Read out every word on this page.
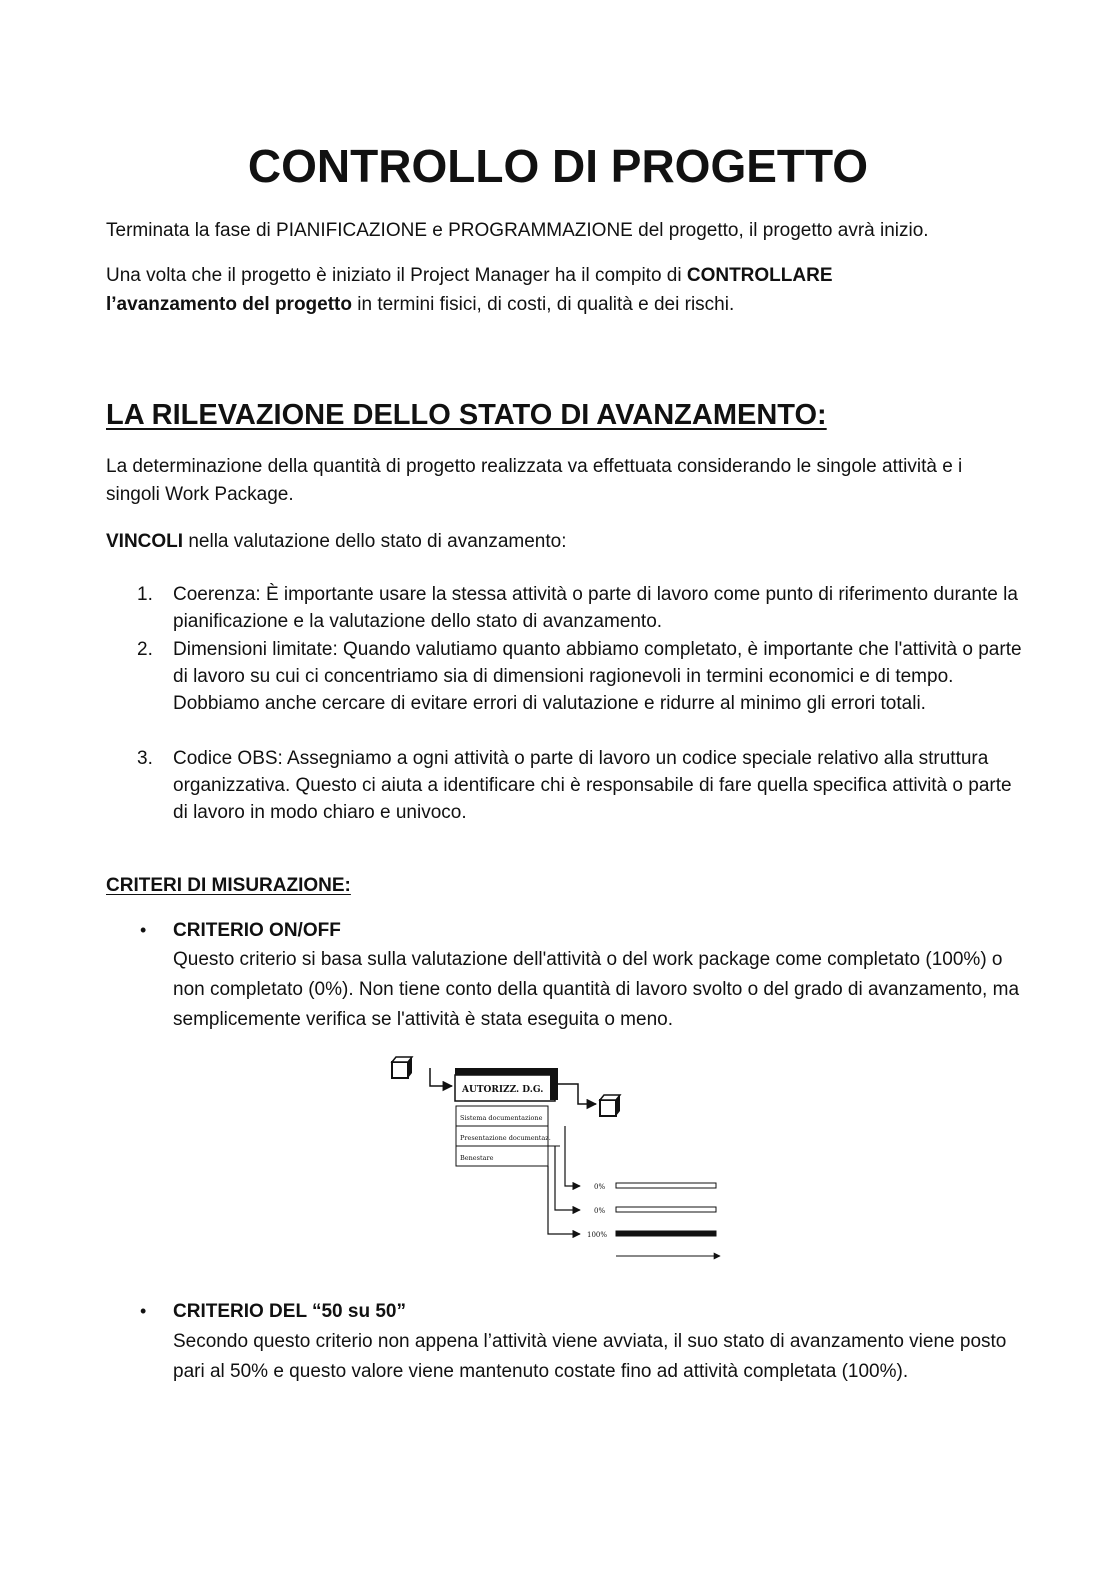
CONTROLLO DI PROGETTO

Terminata la fase di PIANIFICAZIONE e PROGRAMMAZIONE del progetto, il progetto avrà inizio.

Una volta che il progetto è iniziato il Project Manager ha il compito di CONTROLLARE

l’avanzamento del progetto in termini fisici, di costi, di qualità e dei rischi.

LA RILEVAZIONE DELLO STATO DI AVANZAMENTO:

La determinazione della quantità di progetto realizzata va effettuata considerando le singole attività e i singoli Work Package.

VINCOLI nella valutazione dello stato di avanzamento:

1. Coerenza: È importante usare la stessa attività o parte di lavoro come punto di riferimento durante la pianificazione e la valutazione dello stato di avanzamento.

2. Dimensioni limitate: Quando valutiamo quanto abbiamo completato, è importante che l'attività o parte di lavoro su cui ci concentriamo sia di dimensioni ragionevoli in termini economici e di tempo. Dobbiamo anche cercare di evitare errori di valutazione e ridurre al minimo gli errori totali.

3. Codice OBS: Assegniamo a ogni attività o parte di lavoro un codice speciale relativo alla struttura organizzativa. Questo ci aiuta a identificare chi è responsabile di fare quella specifica attività o parte di lavoro in modo chiaro e univoco.

CRITERI DI MISURAZIONE:
• CRITERIO ON/OFF

Questo criterio si basa sulla valutazione dell'attività o del work package come completato (100%) o non completato (0%). Non tiene conto della quantità di lavoro svolto o del grado di avanzamento, ma semplicemente verifica se l'attività è stata eseguita o meno.

AUTORIZZ. D.G.
Sistema documentazione
Presentazione documentaz.
Benestare
0%
0%
100%
• CRITERIO DEL “50 su 50”

Secondo questo criterio non appena l’attività viene avviata, il suo stato di avanzamento viene posto pari al 50% e questo valore viene mantenuto costate fino ad attività completata (100%).
